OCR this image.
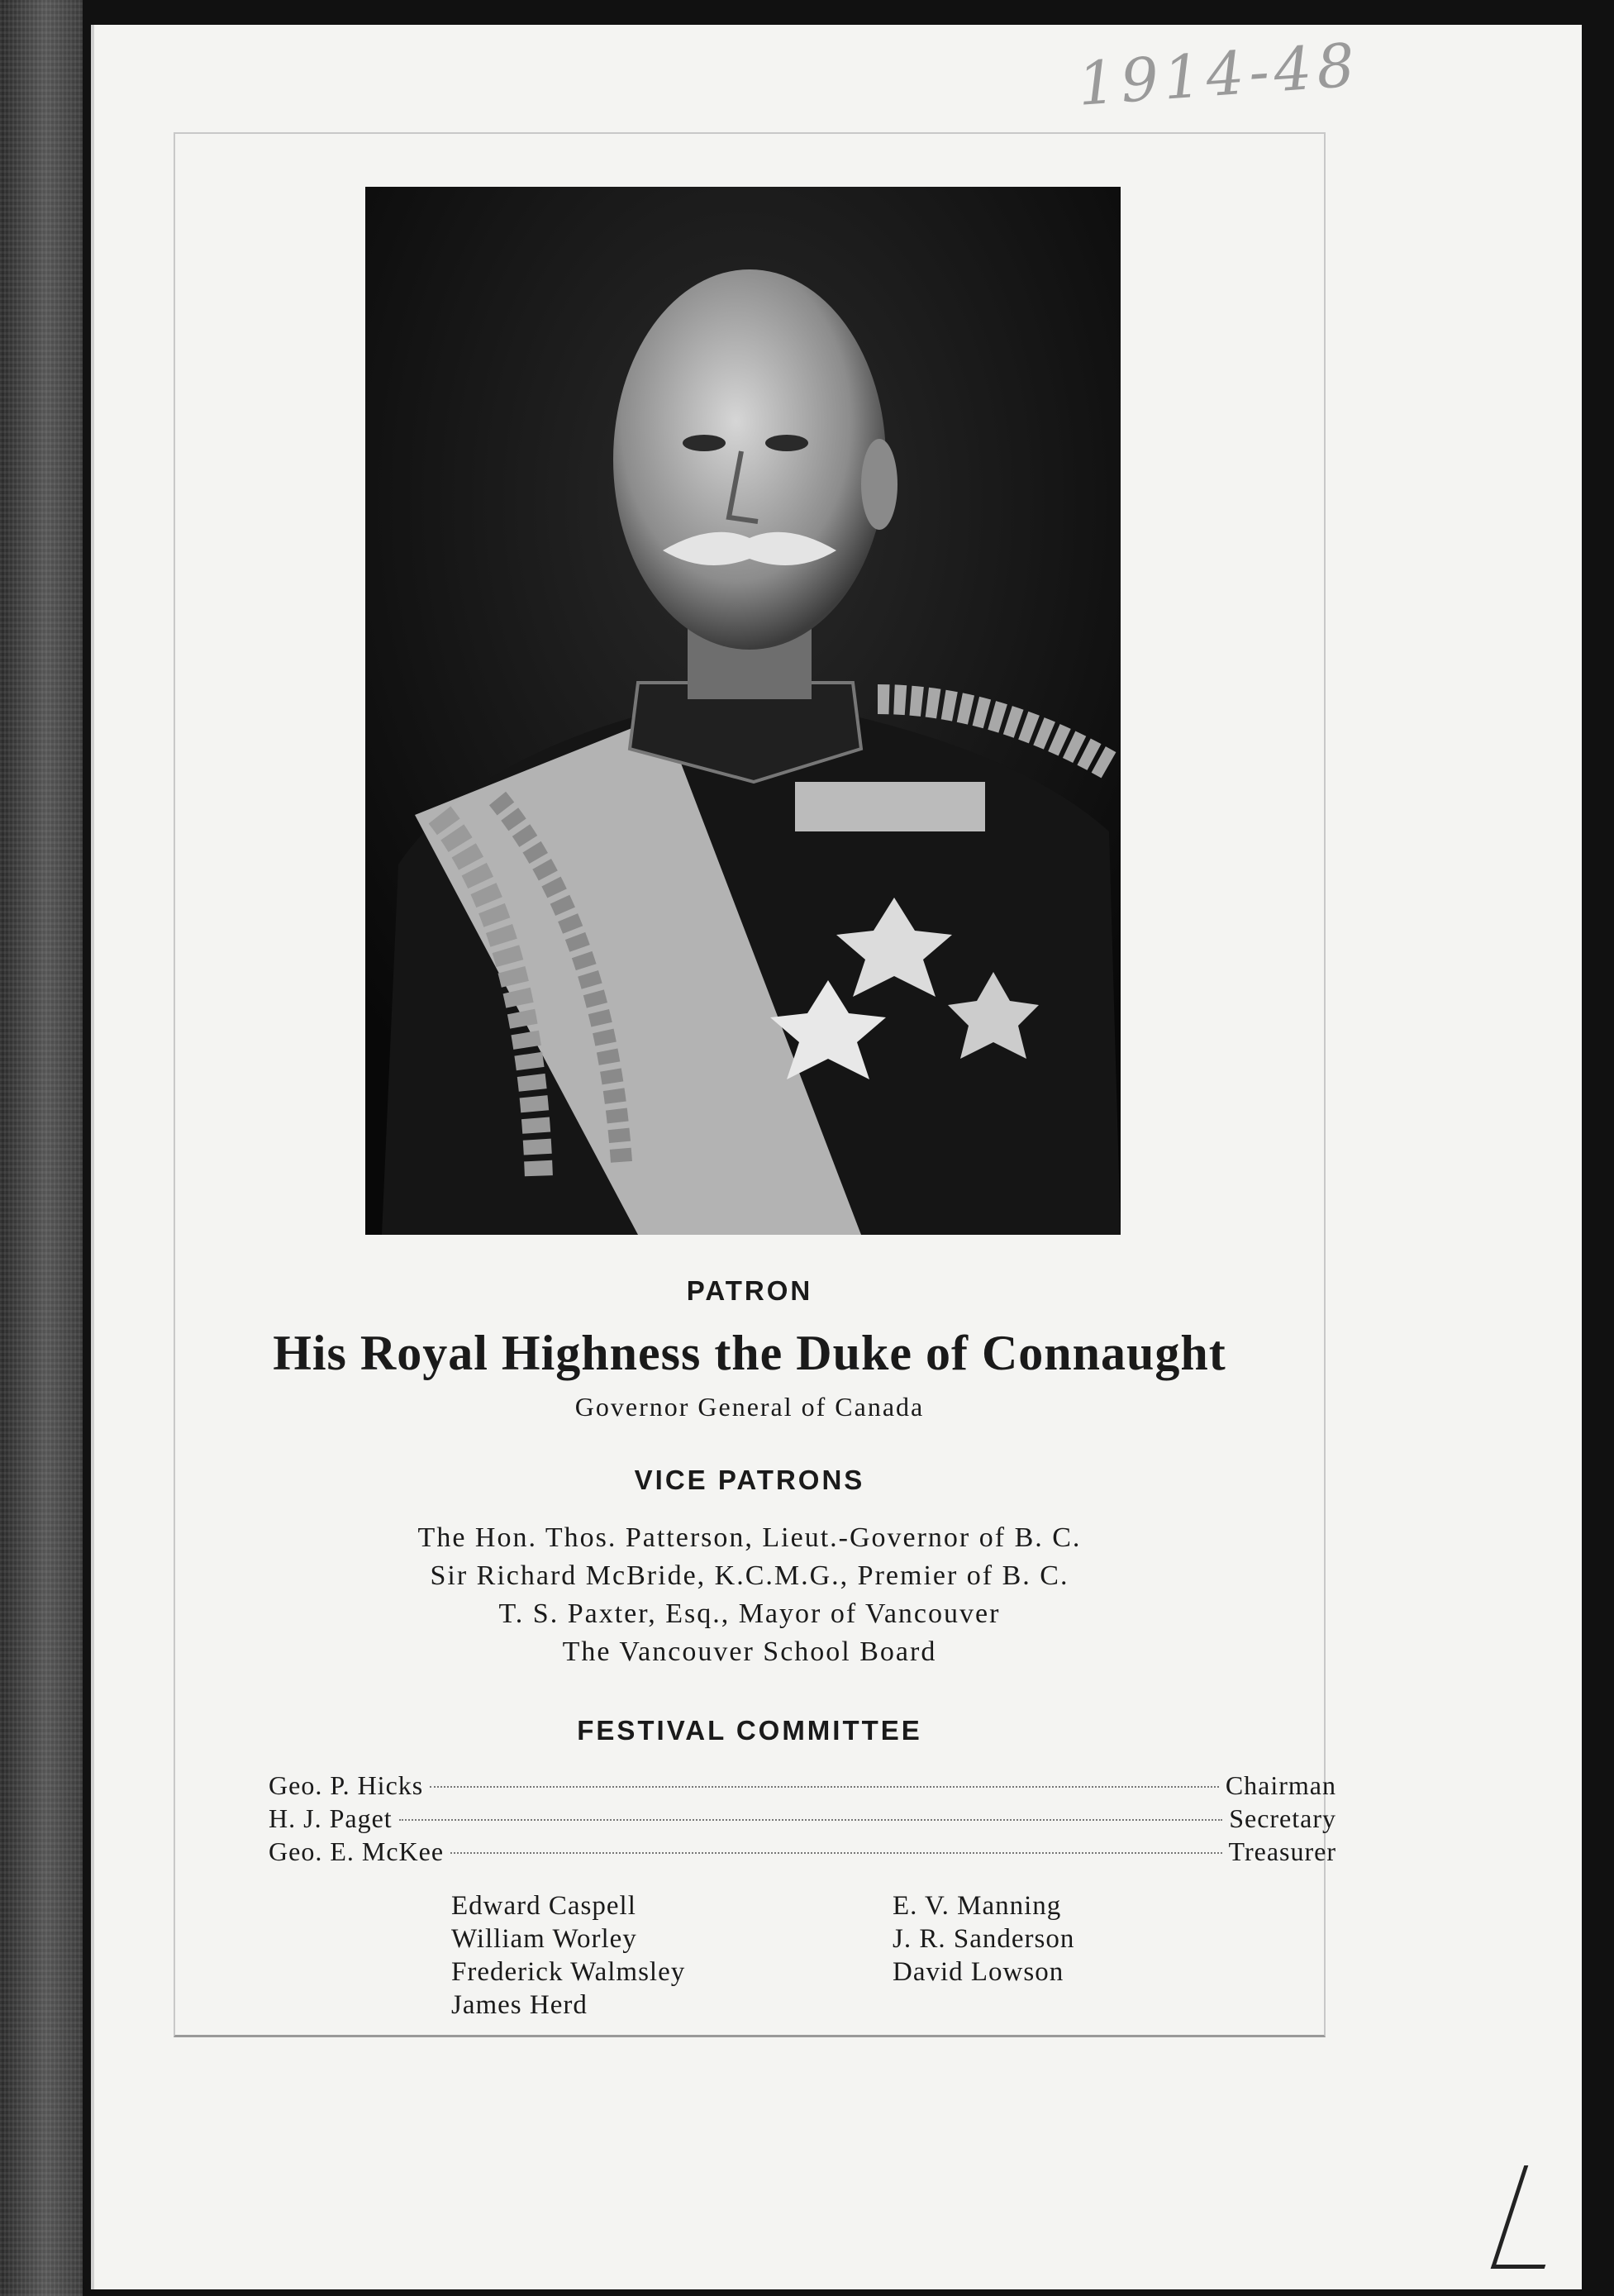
1914-48
PATRON
His Royal Highness the Duke of Connaught
Governor General of Canada
VICE PATRONS
The Hon. Thos. Patterson, Lieut.-Governor of B. C.
Sir Richard McBride, K.C.M.G., Premier of B. C.
T. S. Paxter, Esq., Mayor of Vancouver
The Vancouver School Board
FESTIVAL COMMITTEE
Geo. P. Hicks	Chairman
H. J. Paget	Secretary
Geo. E. McKee	Treasurer
Edward Caspell
William Worley
Frederick Walmsley
James Herd
E. V. Manning
J. R. Sanderson
David Lowson
